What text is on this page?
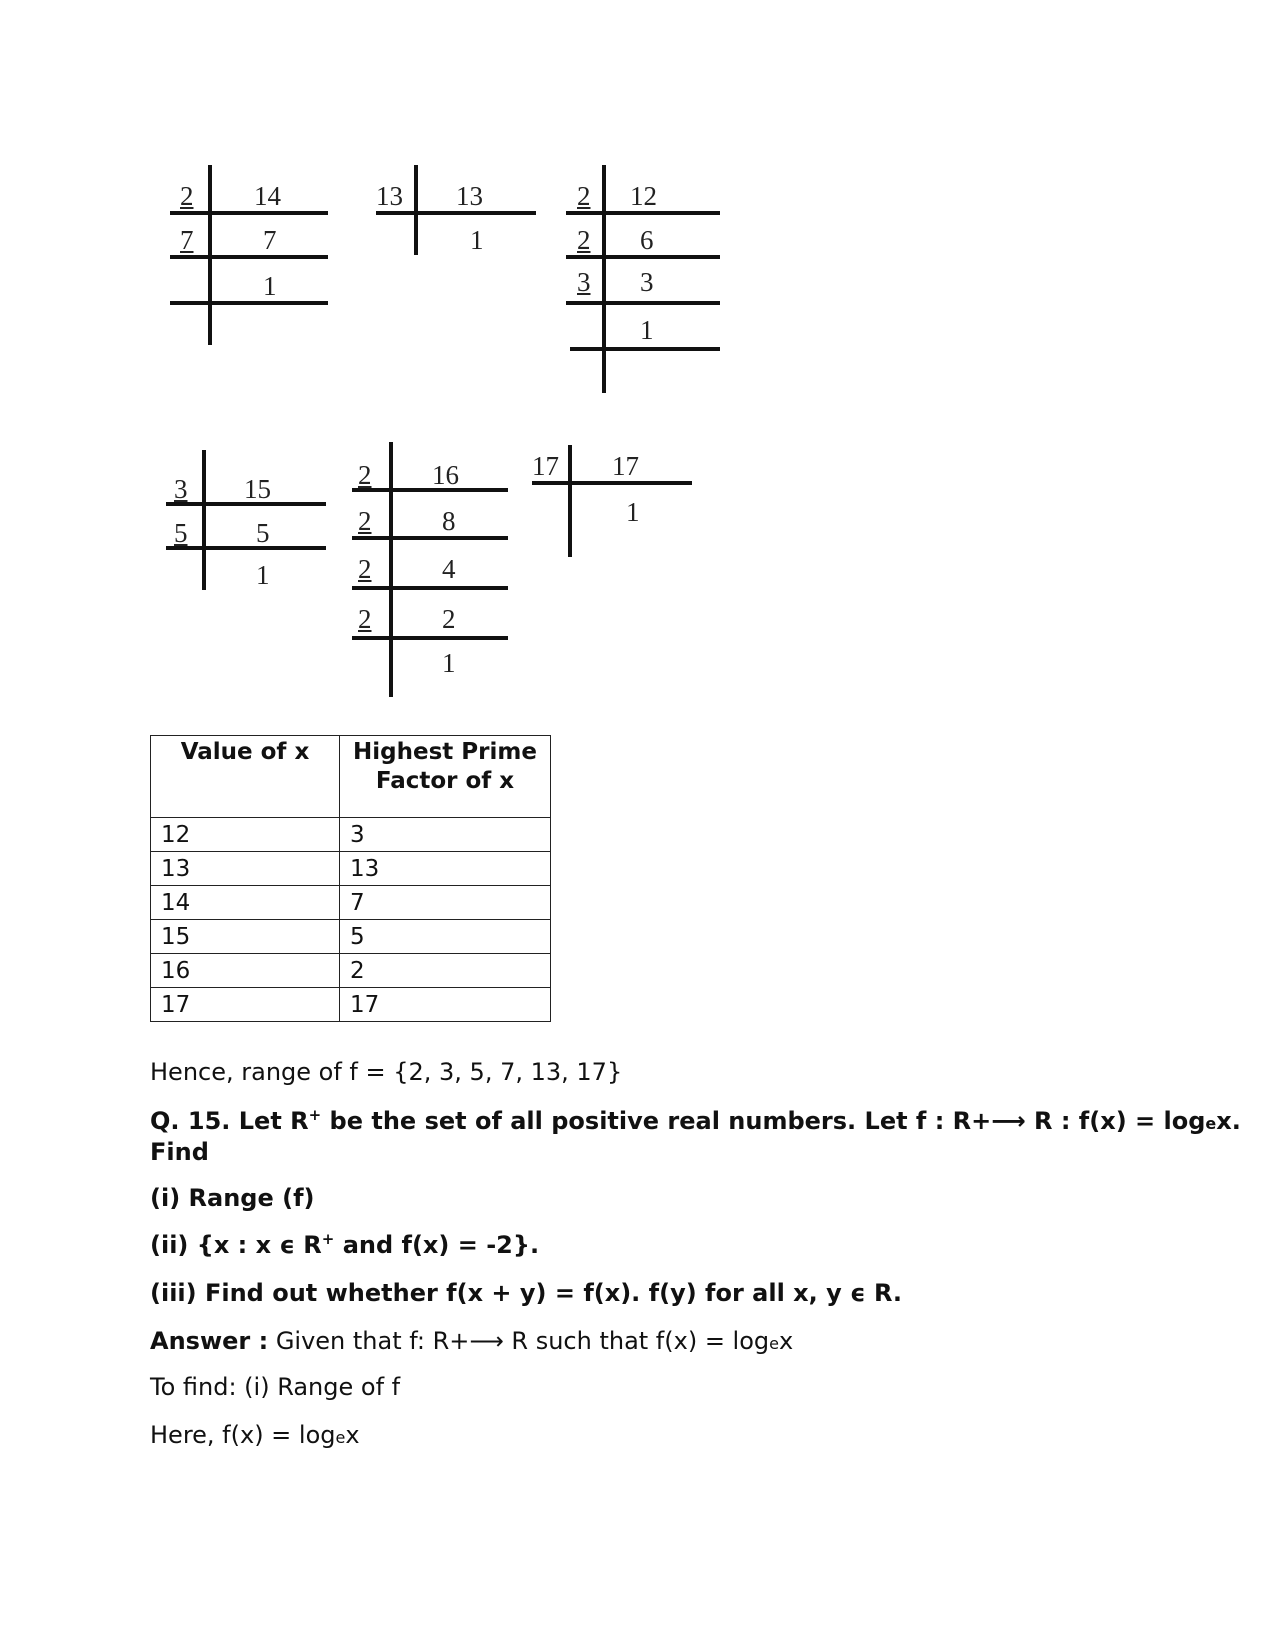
2 14
7	7
1
13 13
1
2 12
2 6
3 3
1
3 15
5	5
1
2 16
2	8
2	4
2	2
1
17 17
1
Value of x	Highest Prime
Factor of x
12	3
13	13
14	7
15	5
16	2
17	17
Hence, range of f = {2, 3, 5, 7, 13, 17}
Q. 15. Let R+ be the set of all positive real numbers. Let f : R+⟶ R : f(x) = logex.
Find
(i) Range (f)
(ii) {x : x ϵ R+ and f(x) = -2}.
(iii) Find out whether f(x + y) = f(x). f(y) for all x, y ϵ R.
Answer : Given that f: R+⟶ R such that f(x) = logex
To find: (i) Range of f
Here, f(x) = logex
